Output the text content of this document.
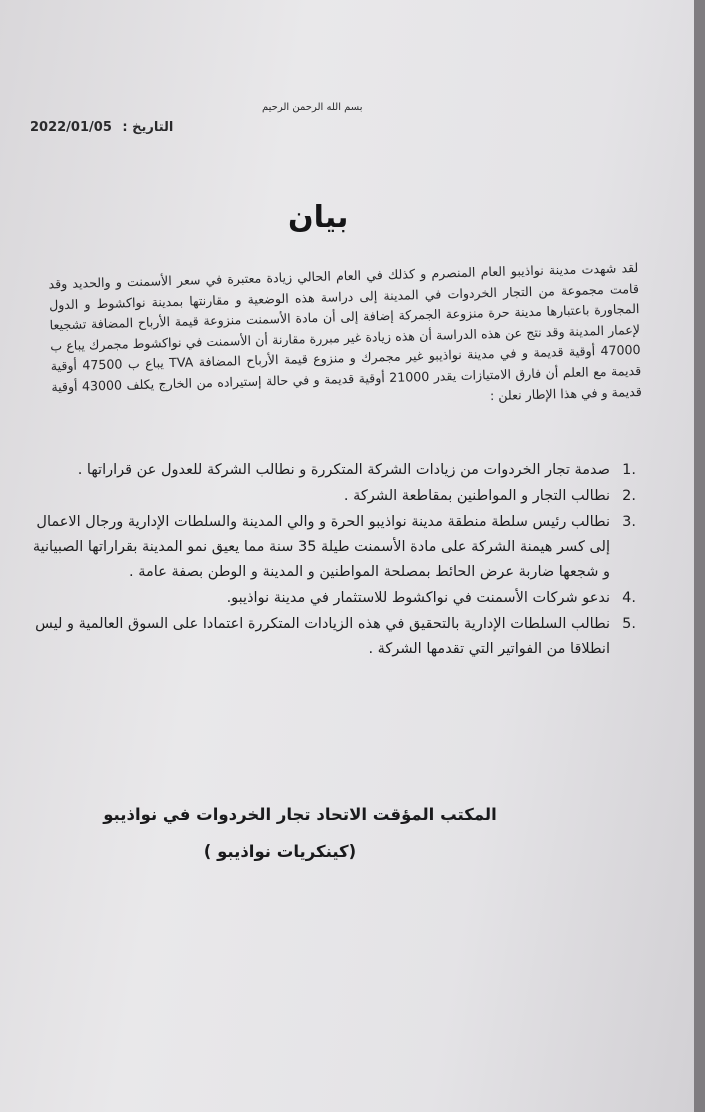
بسم الله الرحمن الرحيم
2022/01/05 التاريخ :
بيان
لقد شهدت مدينة نواذيبو العام المنصرم و كذلك في العام الحالي زيادة معتبرة في سعر الأسمنت و والحديد وقد قامت مجموعة من التجار الخردوات في المدينة إلى دراسة هذه الوضعية و مقارنتها بمدينة نواكشوط و الدول المجاورة باعتبارها مدينة حرة منزوعة الجمركة إضافة إلى أن مادة الأسمنت منزوعة قيمة الأرباح المضافة تشجيعا لإعمار المدينة وقد نتج عن هذه الدراسة أن هذه زيادة غير مبررة مقارنة أن الأسمنت في نواكشوط مجمرك يباع ب 47000 أوقية قديمة و في مدينة نواذيبو غير مجمرك و منزوع قيمة الأرباح المضافة TVA يباع ب 47500 أوقية قديمة مع العلم أن فارق الامتيازات يقدر 21000 أوقية قديمة و في حالة إستيراده من الخارج يكلف 43000 أوقية قديمة و في هذا الإطار نعلن :
1.
صدمة تجار الخردوات من زيادات الشركة المتكررة و نطالب الشركة للعدول عن قراراتها .
2.
نطالب التجار و المواطنين بمقاطعة الشركة .
3.
نطالب رئيس سلطة منطقة مدينة نواذيبو الحرة و والي المدينة والسلطات الإدارية ورجال الاعمال إلى كسر هيمنة الشركة على مادة الأسمنت طيلة 35 سنة مما يعيق نمو المدينة بقراراتها الصبيانية و شجعها ضاربة عرض الحائط بمصلحة المواطنين و المدينة و الوطن بصفة عامة .
4.
ندعو شركات الأسمنت في نواكشوط للاستثمار في مدينة نواذيبو.
5.
نطالب السلطات الإدارية بالتحقيق في هذه الزيادات المتكررة اعتمادا على السوق العالمية و ليس انطلاقا من الفواتير التي تقدمها الشركة .
المكتب المؤقت الاتحاد تجار الخردوات في نواذيبو
(كينكريات نواذيبو )
